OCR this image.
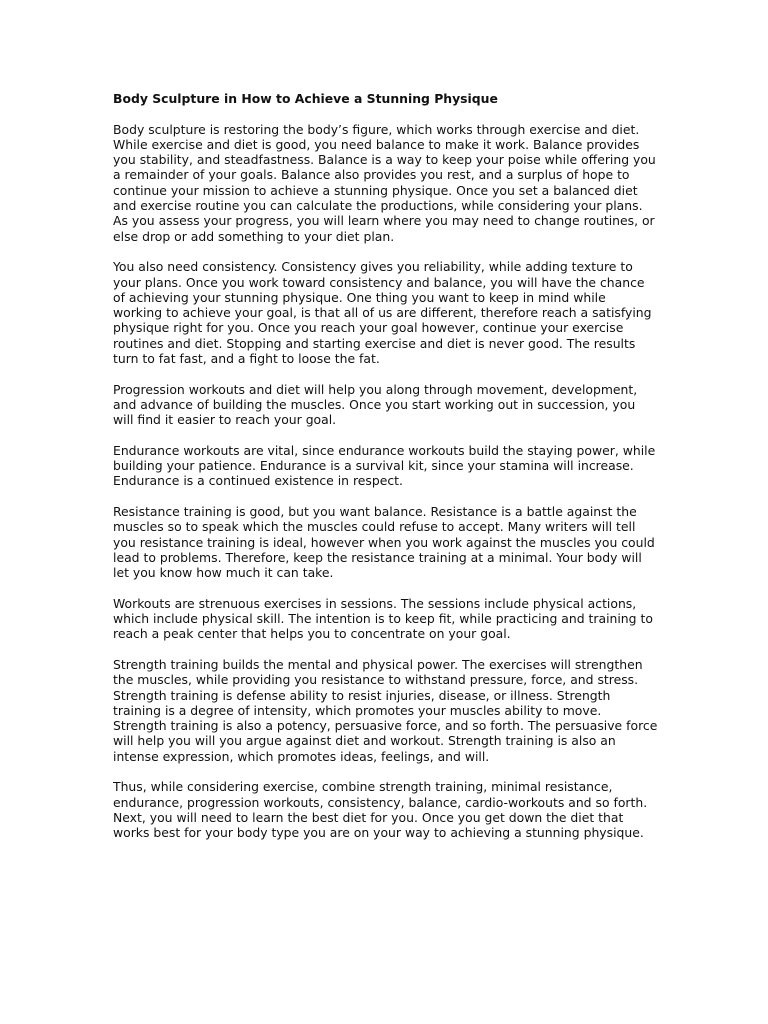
Body Sculpture in How to Achieve a Stunning Physique

Body sculpture is restoring the body’s figure, which works through exercise and diet. While exercise and diet is good, you need balance to make it work. Balance provides you stability, and steadfastness. Balance is a way to keep your poise while offering you a remainder of your goals. Balance also provides you rest, and a surplus of hope to continue your mission to achieve a stunning physique. Once you set a balanced diet and exercise routine you can calculate the productions, while considering your plans. As you assess your progress, you will learn where you may need to change routines, or else drop or add something to your diet plan.

You also need consistency. Consistency gives you reliability, while adding texture to your plans. Once you work toward consistency and balance, you will have the chance of achieving your stunning physique. One thing you want to keep in mind while working to achieve your goal, is that all of us are different, therefore reach a satisfying physique right for you. Once you reach your goal however, continue your exercise routines and diet. Stopping and starting exercise and diet is never good. The results turn to fat fast, and a fight to loose the fat.

Progression workouts and diet will help you along through movement, development, and advance of building the muscles. Once you start working out in succession, you will find it easier to reach your goal.

Endurance workouts are vital, since endurance workouts build the staying power, while building your patience. Endurance is a survival kit, since your stamina will increase. Endurance is a continued existence in respect.

Resistance training is good, but you want balance. Resistance is a battle against the muscles so to speak which the muscles could refuse to accept. Many writers will tell you resistance training is ideal, however when you work against the muscles you could lead to problems. Therefore, keep the resistance training at a minimal. Your body will let you know how much it can take.

Workouts are strenuous exercises in sessions. The sessions include physical actions, which include physical skill. The intention is to keep fit, while practicing and training to reach a peak center that helps you to concentrate on your goal.

Strength training builds the mental and physical power. The exercises will strengthen the muscles, while providing you resistance to withstand pressure, force, and stress. Strength training is defense ability to resist injuries, disease, or illness. Strength training is a degree of intensity, which promotes your muscles ability to move. Strength training is also a potency, persuasive force, and so forth. The persuasive force will help you will you argue against diet and workout. Strength training is also an intense expression, which promotes ideas, feelings, and will.

Thus, while considering exercise, combine strength training, minimal resistance, endurance, progression workouts, consistency, balance, cardio-workouts and so forth. Next, you will need to learn the best diet for you. Once you get down the diet that works best for your body type you are on your way to achieving a stunning physique.
